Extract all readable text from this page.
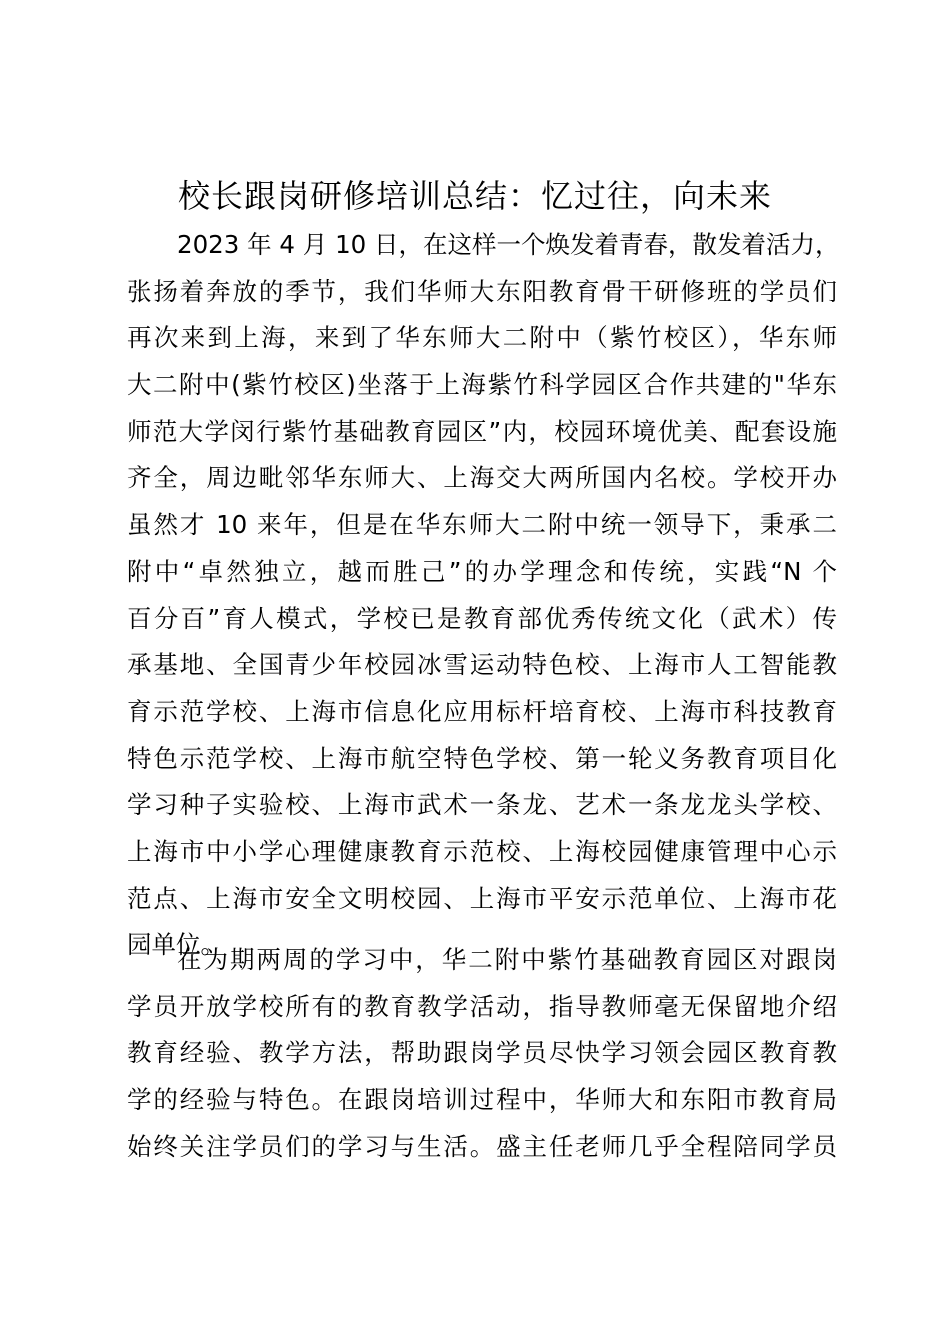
校长跟岗研修培训总结：忆过往，向未来
2023 年 4 月 10 日，在这样一个焕发着青春，散发着活力，
张扬着奔放的季节，我们华师大东阳教育骨干研修班的学员们
再次来到上海，来到了华东师大二附中（紫竹校区），华东师
大二附中(紫竹校区)坐落于上海紫竹科学园区合作共建的"华东
师范大学闵行紫竹基础教育园区”内，校园环境优美、配套设施
齐全，周边毗邻华东师大、上海交大两所国内名校。学校开办
虽然才 10 来年，但是在华东师大二附中统一领导下，秉承二
附中“卓然独立，越而胜己”的办学理念和传统，实践“N 个
百分百”育人模式，学校已是教育部优秀传统文化（武术）传
承基地、全国青少年校园冰雪运动特色校、上海市人工智能教
育示范学校、上海市信息化应用标杆培育校、上海市科技教育
特色示范学校、上海市航空特色学校、第一轮义务教育项目化
学习种子实验校、上海市武术一条龙、艺术一条龙龙头学校、
上海市中小学心理健康教育示范校、上海校园健康管理中心示
范点、上海市安全文明校园、上海市平安示范单位、上海市花
园单位。
在为期两周的学习中，华二附中紫竹基础教育园区对跟岗
学员开放学校所有的教育教学活动，指导教师毫无保留地介绍
教育经验、教学方法，帮助跟岗学员尽快学习领会园区教育教
学的经验与特色。在跟岗培训过程中，华师大和东阳市教育局
始终关注学员们的学习与生活。盛主任老师几乎全程陪同学员
